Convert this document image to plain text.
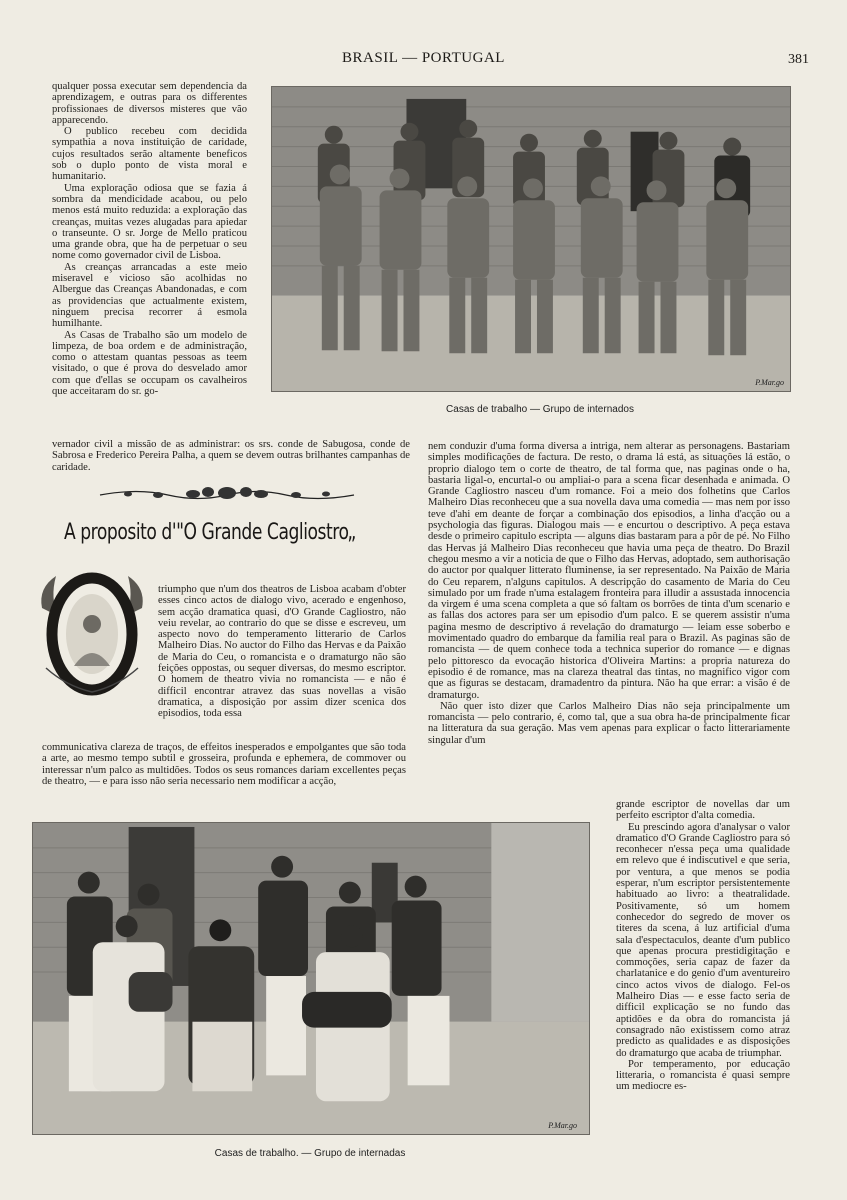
BRASIL — PORTUGAL	381

qualquer possa executar sem dependencia da aprendizagem, e outras para os differentes profissionaes de diversos misteres que vão apparecendo.

O publico recebeu com decidida sympathia a nova instituição de caridade, cujos resultados serão altamente beneficos sob o duplo ponto de vista moral e humanitario.

Uma exploração odiosa que se fazia á sombra da mendicidade acabou, ou pelo menos está muito reduzida: a exploração das creanças, muitas vezes alugadas para apiedar o transeunte. O sr. Jorge de Mello praticou uma grande obra, que ha de perpetuar o seu nome como governador civil de Lisboa.

As creanças arrancadas a este meio miseravel e vicioso são acolhidas no Albergue das Creanças Abandonadas, e com as providencias que actualmente existem, ninguem precisa recorrer á esmola humilhante.

As Casas de Trabalho são um modelo de limpeza, de boa ordem e de administração, como o attestam quantas pessoas as teem visitado, o que é prova do desvelado amor com que d'ellas se occupam os cavalheiros que acceitaram do sr. go-

vernador civil a missão de as administrar: os srs. conde de Sabugosa, conde de Sabrosa e Frederico Pereira Palha, a quem se devem outras brilhantes campanhas de caridade.

P.Mar.go
Casas de trabalho — Grupo de internados
A proposito d'"O Grande Cagliostro„

triumpho que n'um dos theatros de Lisboa acabam d'obter esses cinco actos de dialogo vivo, acerado e engenhoso, sem acção dramatica quasi, d'O Grande Cagliostro, não veiu revelar, ao contrario do que se disse e escreveu, um aspecto novo do temperamento litterario de Carlos Malheiro Dias. No auctor do Filho das Hervas e da Paixão de Maria do Ceu, o romancista e o dramaturgo não são feições oppostas, ou sequer diversas, do mesmo escriptor. O homem de theatro vivia no romancista — e não é difficil encontrar atravez das suas novellas a visão dramatica, a disposição por assim dizer scenica dos episodios, toda essa

communicativa clareza de traços, de effeitos inesperados e empolgantes que são toda a arte, ao mesmo tempo subtil e grosseira, profunda e ephemera, de commover ou interessar n'um palco as multidões. Todos os seus romances dariam excellentes peças de theatro, — e para isso não seria necessario nem modificar a acção,

nem conduzir d'uma forma diversa a intriga, nem alterar as personagens. Bastariam simples modificações de factura. De resto, o drama lá está, as situações lá estão, o proprio dialogo tem o corte de theatro, de tal forma que, nas paginas onde o ha, bastaria ligal-o, encurtal-o ou ampliai-o para a scena ficar desenhada e animada. O Grande Cagliostro nasceu d'um romance. Foi a meio dos folhetins que Carlos Malheiro Dias reconheceu que a sua novella dava uma comedia — mas nem por isso teve d'ahi em deante de forçar a combinação dos episodios, a linha d'acção ou a psychologia das figuras. Dialogou mais — e encurtou o descriptivo. A peça estava desde o primeiro capitulo escripta — alguns dias bastaram para a pôr de pé. No Filho das Hervas já Malheiro Dias reconheceu que havia uma peça de theatro. Do Brazil chegou mesmo a vir a noticia de que o Filho das Hervas, adoptado, sem authorisação do auctor por qualquer litterato fluminense, ia ser representado. Na Paixão de Maria do Ceu reparem, n'alguns capitulos. A descripção do casamento de Maria do Ceu simulado por um frade n'uma estalagem fronteira para illudir a assustada innocencia da virgem é uma scena completa a que só faltam os borrões de tinta d'um scenario e as fallas dos actores para ser um episodio d'um palco. E se querem assistir n'uma pagina mesmo de descriptivo á revelação do dramaturgo — leiam esse soberbo e movimentado quadro do embarque da familia real para o Brazil. As paginas são de romancista — de quem conhece toda a technica superior do romance — e dignas pelo pittoresco da evocação historica d'Oliveira Martins: a propria natureza do episodio é de romance, mas na clareza theatral das tintas, no magnifico vigor com que as figuras se destacam, dramadentro da pintura. Não ha que errar: a visão é de dramaturgo.

Não quer isto dizer que Carlos Malheiro Dias não seja principalmente um romancista — pelo contrario, é, como tal, que a sua obra ha-de principalmente ficar na litteratura da sua geração. Mas vem apenas para explicar o facto litterariamente singular d'um

P.Mar.go
Casas de trabalho. — Grupo de internadas

grande escriptor de novellas dar um perfeito escriptor d'alta comedia.

Eu prescindo agora d'analysar o valor dramatico d'O Grande Cagliostro para só reconhecer n'essa peça uma qualidade em relevo que é indiscutivel e que seria, por ventura, a que menos se podia esperar, n'um escriptor persistentemente habituado ao livro: a theatralidade. Positivamente, só um homem conhecedor do segredo de mover os titeres da scena, á luz artificial d'uma sala d'espectaculos, deante d'um publico que apenas procura prestidigitação e commoções, seria capaz de fazer da charlatanice e do genio d'um aventureiro cinco actos vivos de dialogo. Fel-os Malheiro Dias — e esse facto seria de difficil explicação se no fundo das aptidões e da obra do romancista já consagrado não existissem como atraz predicto as qualidades e as disposições do dramaturgo que acaba de triumphar.

Por temperamento, por educação litteraria, o romancista é quasi sempre um mediocre es-
